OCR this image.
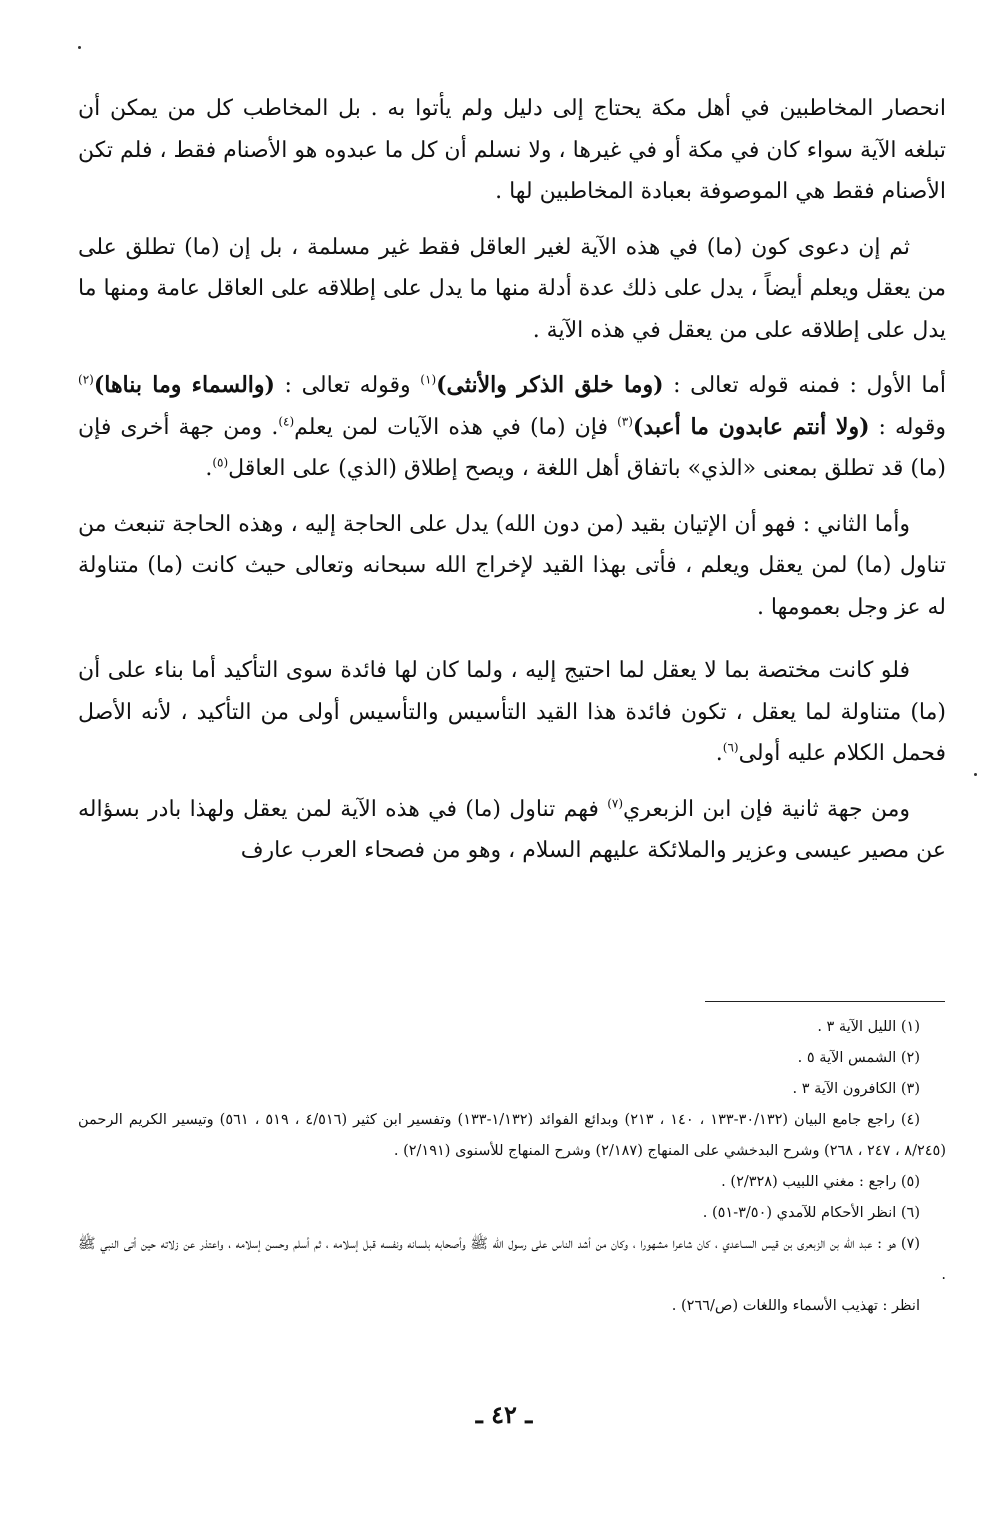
انحصار المخاطبين في أهل مكة يحتاج إلى دليل ولم يأتوا به . بل المخاطب كل من يمكن أن تبلغه الآية سواء كان في مكة أو في غيرها ، ولا نسلم أن كل ما عبدوه هو الأصنام فقط ، فلم تكن الأصنام فقط هي الموصوفة بعبادة المخاطبين لها .

ثم إن دعوى كون (ما) في هذه الآية لغير العاقل فقط غير مسلمة ، بل إن (ما) تطلق على من يعقل ويعلم أيضاً ، يدل على ذلك عدة أدلة منها ما يدل على إطلاقه على العاقل عامة ومنها ما يدل على إطلاقه على من يعقل في هذه الآية .

أما الأول : فمنه قوله تعالى : (وما خلق الذكر والأنثى)$^{(١)}$ وقوله تعالى : (والسماء وما بناها)$^{(٢)}$ وقوله : (ولا أنتم عابدون ما أعبد)$^{(٣)}$ فإن (ما) في هذه الآيات لمن يعلم$^{(٤)}$. ومن جهة أخرى فإن (ما) قد تطلق بمعنى «الذي» باتفاق أهل اللغة ، ويصح إطلاق (الذي) على العاقل$^{(٥)}$.

وأما الثاني : فهو أن الإتيان بقيد (من دون الله) يدل على الحاجة إليه ، وهذه الحاجة تنبعث من تناول (ما) لمن يعقل ويعلم ، فأتى بهذا القيد لإخراج الله سبحانه وتعالى حيث كانت (ما) متناولة له عز وجل بعمومها .

فلو كانت مختصة بما لا يعقل لما احتيج إليه ، ولما كان لها فائدة سوى التأكيد أما بناء على أن (ما) متناولة لما يعقل ، تكون فائدة هذا القيد التأسيس والتأسيس أولى من التأكيد ، لأنه الأصل فحمل الكلام عليه أولى$^{(٦)}$.

ومن جهة ثانية فإن ابن الزبعري$^{(٧)}$ فهم تناول (ما) في هذه الآية لمن يعقل ولهذا بادر بسؤاله عن مصير عيسى وعزير والملائكة عليهم السلام ، وهو من فصحاء العرب عارف

(١) الليل الآية ٣ .

(٢) الشمس الآية ٥ .

(٣) الكافرون الآية ٣ .

(٤) راجع جامع البيان (٣٠/١٣٢-١٣٣ ، ١٤٠ ، ٢١٣) وبدائع الفوائد (١/١٣٢-١٣٣) وتفسير ابن كثير (٤/٥١٦ ، ٥١٩ ، ٥٦١) وتيسير الكريم الرحمن (٨/٢٤٥ ، ٢٤٧ ، ٢٦٨) وشرح البدخشي على المنهاج (٢/١٨٧) وشرح المنهاج للأسنوى (٢/١٩١) .

(٥) راجع : مغني اللبيب (٢/٣٢٨) .

(٦) انظر الأحكام للآمدي (٣/٥٠-٥١) .

(٧) هو : عبد الله بن الزبعرى بن قيس السـاعدي ، كان شاعرا مشهورا ، وكان من أشد الناس على رسول الله ﷺ وأصحابه بلسانه ونفسه قبل إسلامه ، ثم أسلم وحسن إسلامه ، واعتذر عن زلاته حين أتى النبي ﷺ .

انظر : تهذيب الأسماء واللغات (ص/٢٦٦) .

ـ ٤٢ ـ
